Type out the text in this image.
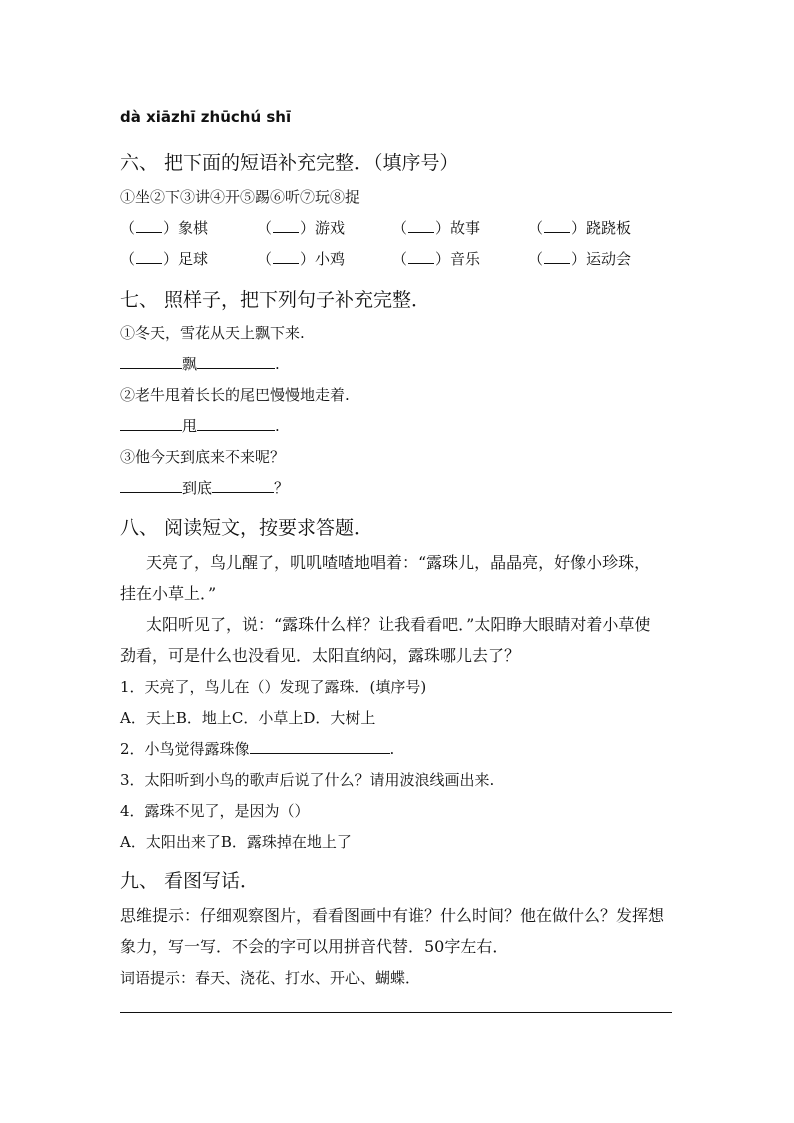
dà xiāzhī zhūchú shī
六、 把下面的短语补充完整．（填序号）
①坐②下③讲④开⑤踢⑥听⑦玩⑧捉
（ ）象棋	（ ）游戏	（ ）故事	（ ）跷跷板
（ ）足球	（ ）小鸡	（ ）音乐	（ ）运动会
七、 照样子，把下列句子补充完整．
①冬天，雪花从天上飘下来.
飘	.
②老牛甩着长长的尾巴慢慢地走着.
甩	.
③他今天到底来不来呢？
到底	？
八、 阅读短文，按要求答题．
天亮了，鸟儿醒了，叽叽喳喳地唱着：“露珠儿，晶晶亮，好像小珍珠，
挂在小草上．”
太阳听见了，说：“露珠什么样？让我看看吧．”太阳睁大眼睛对着小草使
劲看，可是什么也没看见．太阳直纳闷，露珠哪儿去了？
1．天亮了，鸟儿在（）发现了露珠．(填序号)
A．天上B．地上C．小草上D．大树上
2．小鸟觉得露珠像	.
3．太阳听到小鸟的歌声后说了什么？请用波浪线画出来.
4．露珠不见了，是因为（）
A．太阳出来了B．露珠掉在地上了
九、 看图写话．
思维提示：仔细观察图片，看看图画中有谁？什么时间？他在做什么？发挥想
象力，写一写．不会的字可以用拼音代替．50字左右．
词语提示：春天、浇花、打水、开心、蝴蝶．
